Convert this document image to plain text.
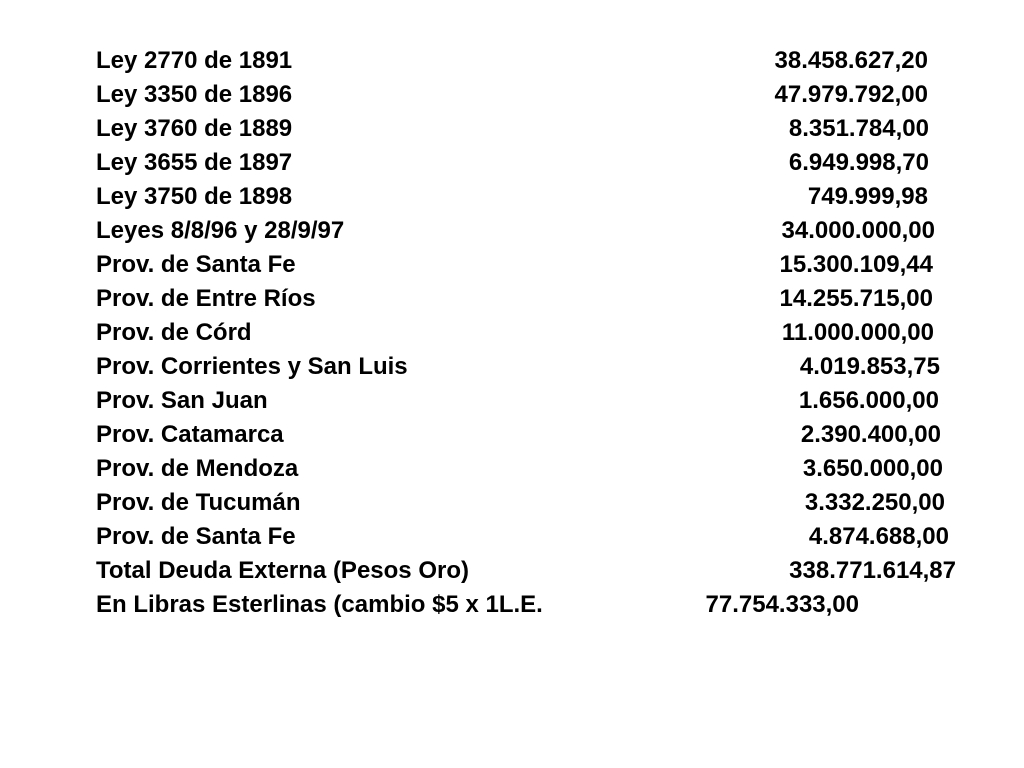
Ley 2770 de 1891	38.458.627,20
Ley 3350 de 1896	47.979.792,00
Ley 3760 de 1889	8.351.784,00
Ley 3655 de 1897	6.949.998,70
Ley 3750 de 1898	749.999,98
Leyes 8/8/96 y 28/9/97	34.000.000,00
Prov. de Santa Fe	15.300.109,44
Prov. de Entre Ríos	14.255.715,00
Prov. de Córd	11.000.000,00
Prov. Corrientes y San Luis	4.019.853,75
Prov. San Juan	1.656.000,00
Prov. Catamarca	2.390.400,00
Prov. de Mendoza	3.650.000,00
Prov. de Tucumán	3.332.250,00
Prov. de Santa Fe	4.874.688,00
Total Deuda Externa (Pesos Oro)	338.771.614,87
En Libras Esterlinas (cambio $5 x 1L.E.	77.754.333,00
